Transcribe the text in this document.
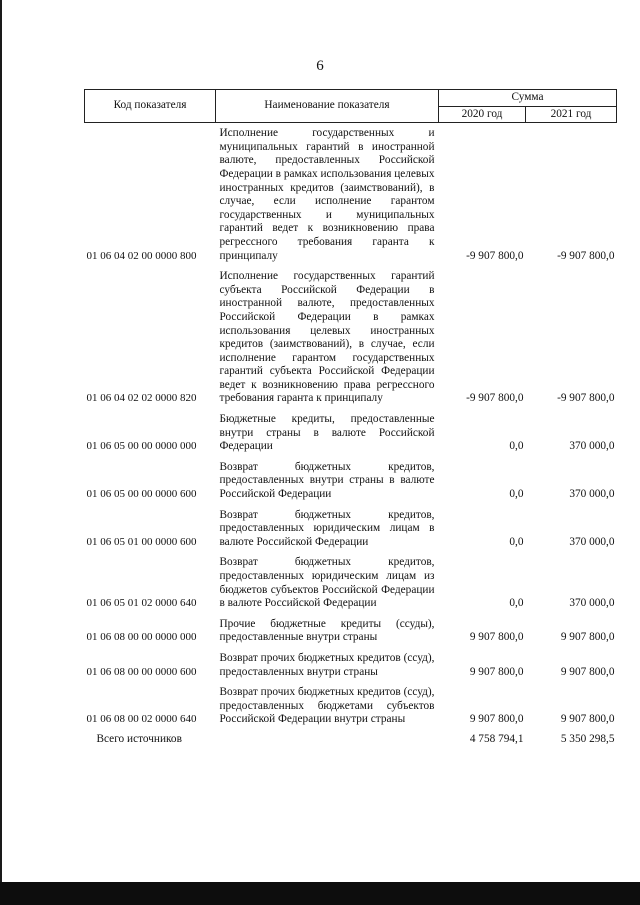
6
Код показателя	Наименование показателя	Сумма	
		2020 год	2021 год
01 06 04 02 00 0000 800	Исполнение государственных и муниципальных гарантий в иностранной валюте, предоставленных Российской Федерации в рамках использования целевых иностранных кредитов (заимствований), в случае, если исполнение гарантом государственных и муниципальных гарантий ведет к возникновению права регрессного требования гаранта к принципалу	-9 907 800,0	-9 907 800,0
01 06 04 02 02 0000 820	Исполнение государственных гарантий субъекта Российской Федерации в иностранной валюте, предоставленных Российской Федерации в рамках использования целевых иностранных кредитов (заимствований), в случае, если исполнение гарантом государственных гарантий субъекта Российской Федерации ведет к возникновению права регрессного требования гаранта к принципалу	-9 907 800,0	-9 907 800,0
01 06 05 00 00 0000 000	Бюджетные кредиты, предоставленные внутри страны в валюте Российской Федерации	0,0	370 000,0
01 06 05 00 00 0000 600	Возврат бюджетных кредитов, предоставленных внутри страны в валюте Российской Федерации	0,0	370 000,0
01 06 05 01 00 0000 600	Возврат бюджетных кредитов, предоставленных юридическим лицам в валюте Российской Федерации	0,0	370 000,0
01 06 05 01 02 0000 640	Возврат бюджетных кредитов, предоставленных юридическим лицам из бюджетов субъектов Российской Федерации в валюте Российской Федерации	0,0	370 000,0
01 06 08 00 00 0000 000	Прочие бюджетные кредиты (ссуды), предоставленные внутри страны	9 907 800,0	9 907 800,0
01 06 08 00 00 0000 600	Возврат прочих бюджетных кредитов (ссуд), предоставленных внутри страны	9 907 800,0	9 907 800,0
01 06 08 00 02 0000 640	Возврат прочих бюджетных кредитов (ссуд), предоставленных бюджетами субъектов Российской Федерации внутри страны	9 907 800,0	9 907 800,0
Всего источников		4 758 794,1	5 350 298,5
